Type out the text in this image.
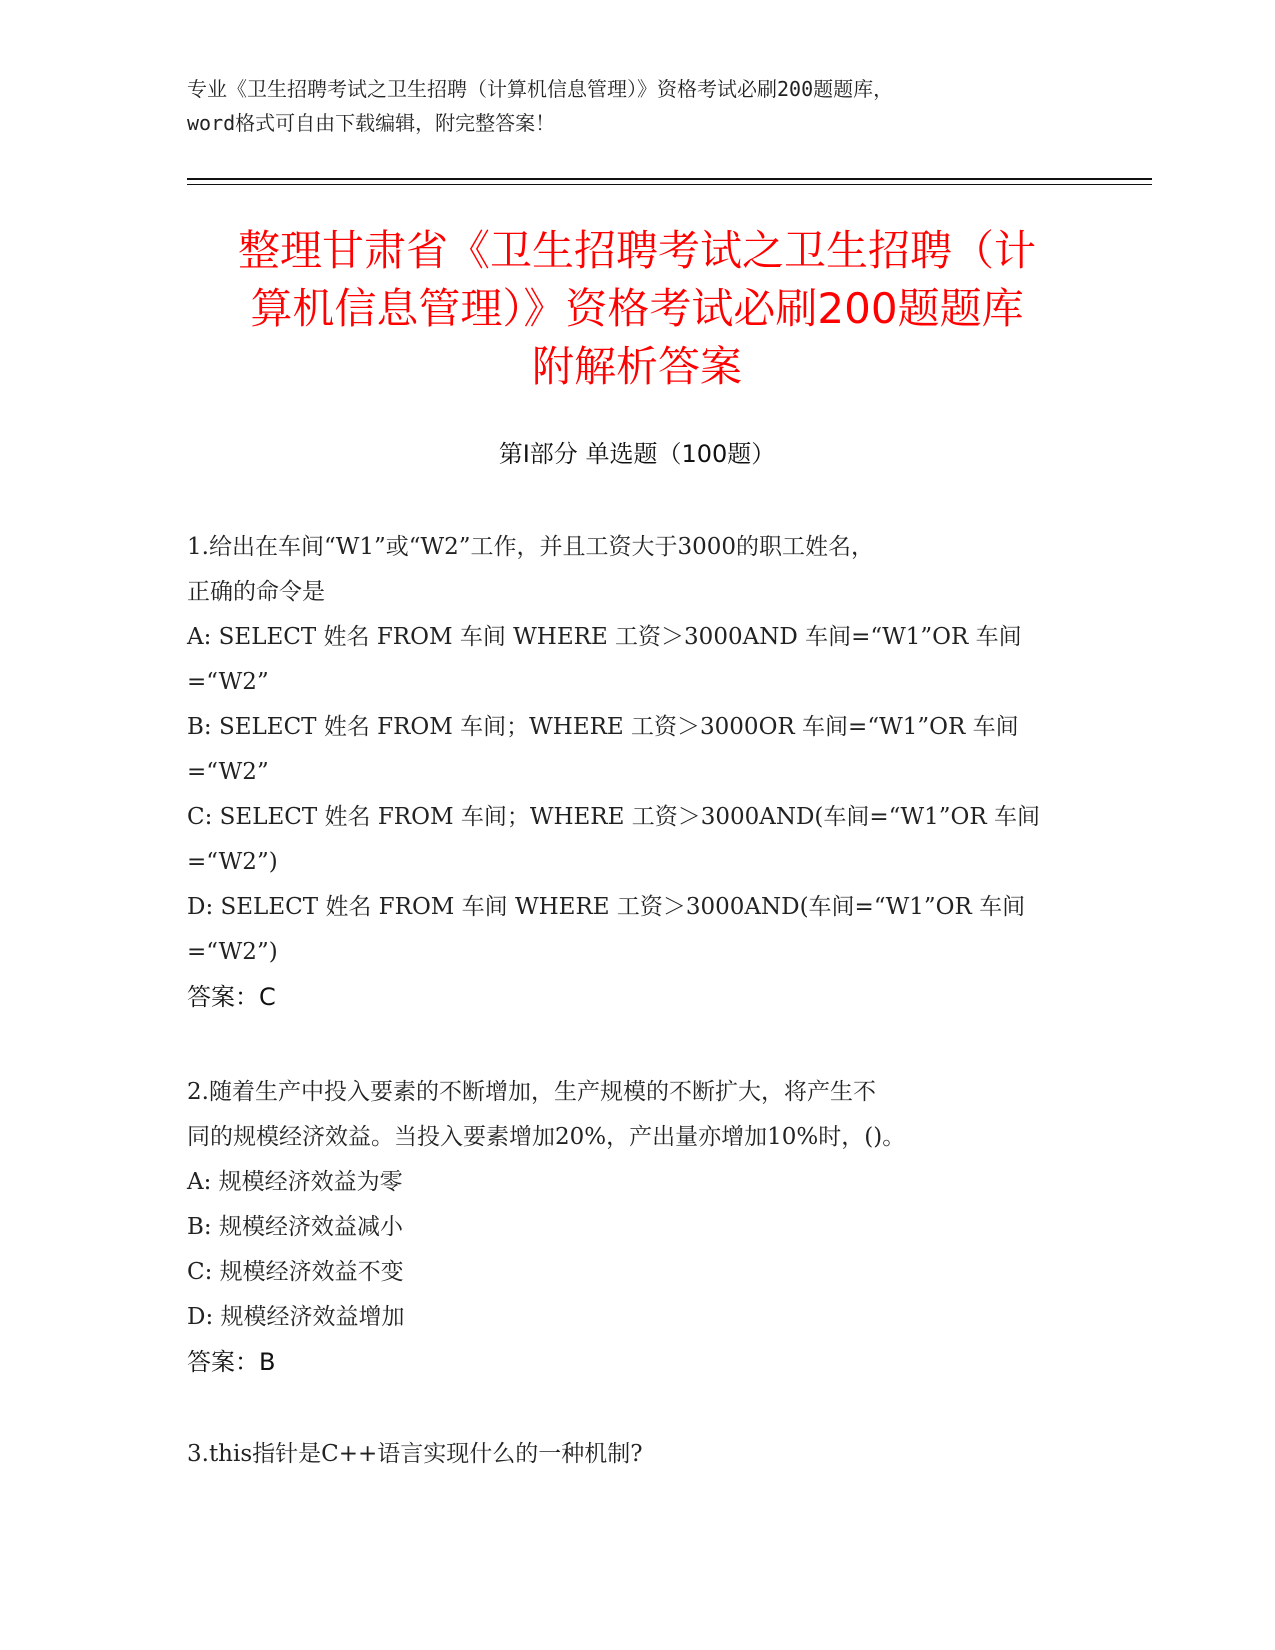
专业《卫生招聘考试之卫生招聘（计算机信息管理）》资格考试必刷200题题库，
word格式可自由下载编辑，附完整答案！
整理甘肃省《卫生招聘考试之卫生招聘（计
算机信息管理）》资格考试必刷200题题库
附解析答案
第Ⅰ部分 单选题（100题）
1.给出在车间“W1”或“W2”工作，并且工资大于3000的职工姓名，
正确的命令是
A: SELECT 姓名 FROM 车间 WHERE 工资＞3000AND 车间=“W1”OR 车间
=“W2”
B: SELECT 姓名 FROM 车间；WHERE 工资＞3000OR 车间=“W1”OR 车间
=“W2”
C: SELECT 姓名 FROM 车间；WHERE 工资＞3000AND(车间=“W1”OR 车间
=“W2”)
D: SELECT 姓名 FROM 车间 WHERE 工资＞3000AND(车间=“W1”OR 车间
=“W2”)
答案：C
2.随着生产中投入要素的不断增加，生产规模的不断扩大，将产生不
同的规模经济效益。当投入要素增加20%，产出量亦增加10%时，()。
A: 规模经济效益为零
B: 规模经济效益减小
C: 规模经济效益不变
D: 规模经济效益增加
答案：B
3.this指针是C++语言实现什么的一种机制?
